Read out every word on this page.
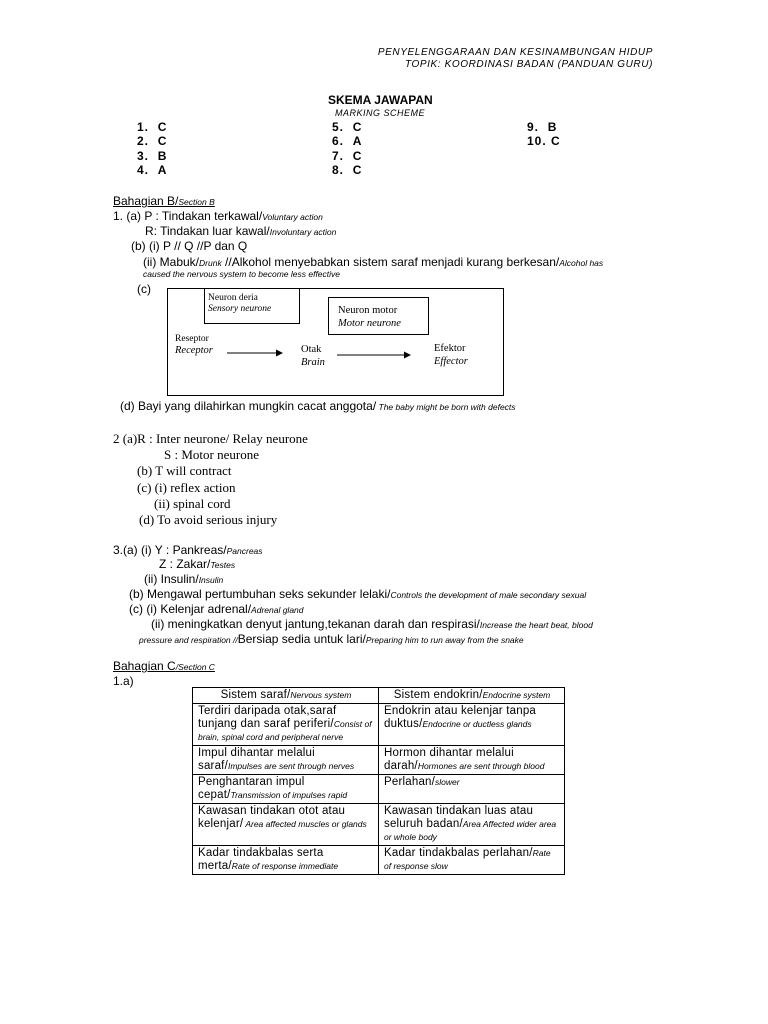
PENYELENGGARAAN DAN KESINAMBUNGAN HIDUP
TOPIK: KOORDINASI BADAN (PANDUAN GURU)
SKEMA JAWAPAN
MARKING SCHEME
1. C
2. C
3. B
4. A
5. C
6. A
7. C
8. C
9. B
10. C
Bahagian B/Section B
1. (a) P : Tindakan terkawal/Voluntary action
R: Tindakan luar kawal/Involuntary action
(b) (i) P // Q //P dan Q
(ii) Mabuk/Drunk //Alkohol menyebabkan sistem saraf menjadi kurang berkesan/Alcohol has
caused the nervous system to become less effective
(c)
Neuron deria
Sensory neurone	Neuron motor
Motor neurone
Reseptor
Receptor	Otak
Brain
Efektor
Effector
(d) Bayi yang dilahirkan mungkin cacat anggota/ The baby might be born with defects
2 (a)R : Inter neurone/ Relay neurone
S : Motor neurone
(b) T will contract
(c) (i) reflex action
(ii) spinal cord
(d) To avoid serious injury
3.(a) (i) Y : Pankreas/Pancreas
Z : Zakar/Testes
(ii) Insulin/Insulin
(b) Mengawal pertumbuhan seks sekunder lelaki/Controls the development of male secondary sexual
(c) (i) Kelenjar adrenal/Adrenal gland
(ii) meningkatkan denyut jantung,tekanan darah dan respirasi/Increase the heart beat, blood
pressure and respiration //Bersiap sedia untuk lari/Preparing him to run away from the snake
Bahagian C/Section C
1.a)
Sistem saraf/Nervous system	Sistem endokrin/Endocrine system
Terdiri daripada otak,saraf tunjang dan saraf periferi/Consist of brain, spinal cord and peripheral nerve	Endokrin atau kelenjar tanpa duktus/Endocrine or ductless glands
Impul dihantar melalui saraf/Impulses are sent through nerves	Hormon dihantar melalui darah/Hormones are sent through blood
Penghantaran impul cepat/Transmission of impulses rapid	Perlahan/slower
Kawasan tindakan otot atau kelenjar/ Area affected muscles or glands	Kawasan tindakan luas atau seluruh badan/Area Affected wider area or whole body
Kadar tindakbalas serta merta/Rate of response immediate	Kadar tindakbalas perlahan/Rate of response slow
